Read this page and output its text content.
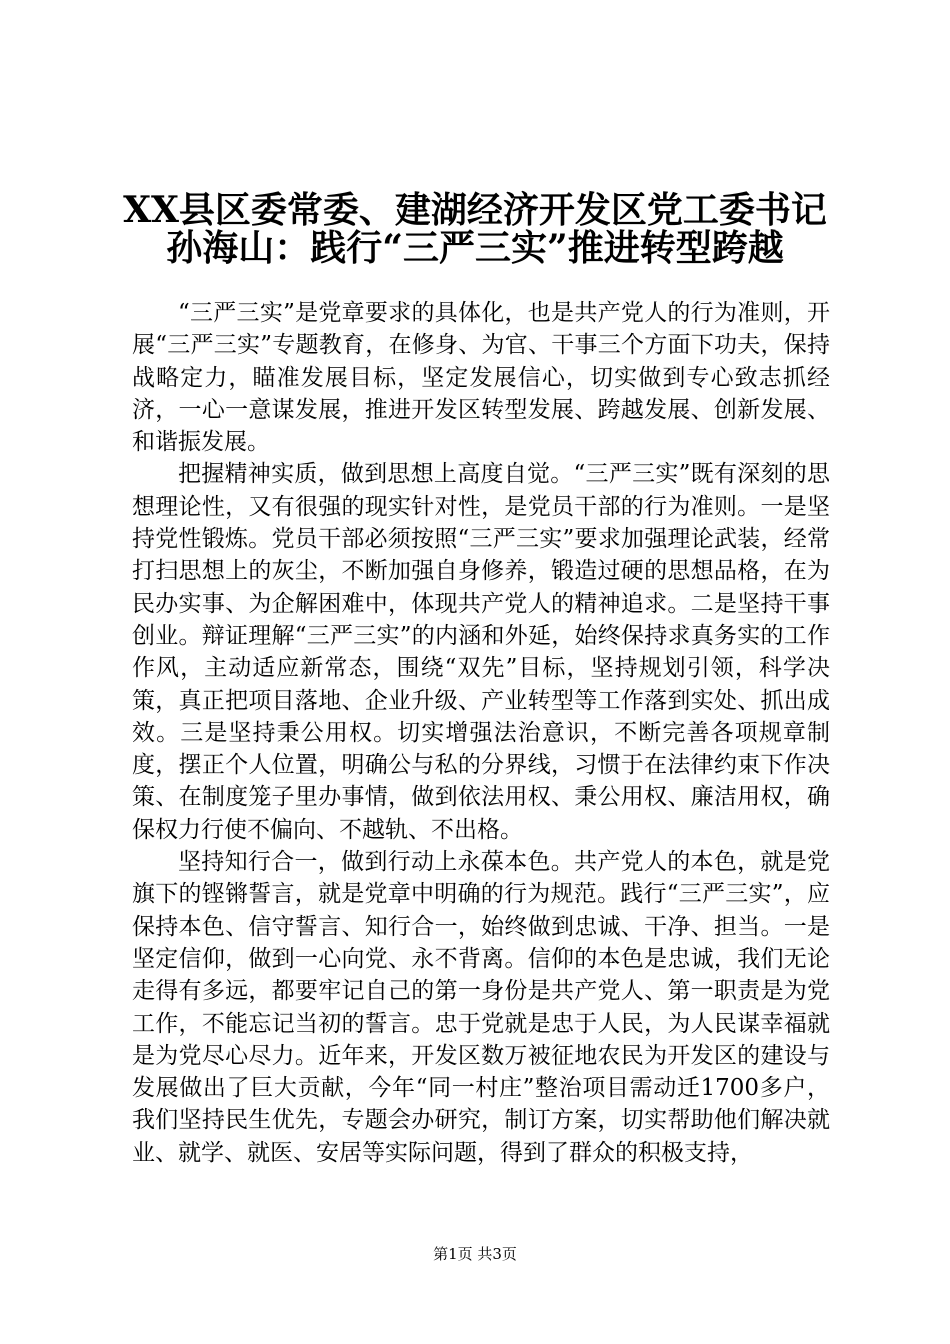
XX县区委常委、建湖经济开发区党工委书记
孙海山：践行“三严三实”推进转型跨越

“三严三实”是党章要求的具体化，也是共产党人的行为准则，开展“三严三实”专题教育，在修身、为官、干事三个方面下功夫，保持战略定力，瞄准发展目标，坚定发展信心，切实做到专心致志抓经济，一心一意谋发展，推进开发区转型发展、跨越发展、创新发展、和谐振发展。

把握精神实质，做到思想上高度自觉。“三严三实”既有深刻的思想理论性，又有很强的现实针对性，是党员干部的行为准则。一是坚持党性锻炼。党员干部必须按照“三严三实”要求加强理论武装，经常打扫思想上的灰尘，不断加强自身修养，锻造过硬的思想品格，在为民办实事、为企解困难中，体现共产党人的精神追求。二是坚持干事创业。辩证理解“三严三实”的内涵和外延，始终保持求真务实的工作作风，主动适应新常态，围绕“双先”目标，坚持规划引领，科学决策，真正把项目落地、企业升级、产业转型等工作落到实处、抓出成效。三是坚持秉公用权。切实增强法治意识，不断完善各项规章制度，摆正个人位置，明确公与私的分界线，习惯于在法律约束下作决策、在制度笼子里办事情，做到依法用权、秉公用权、廉洁用权，确保权力行使不偏向、不越轨、不出格。

坚持知行合一，做到行动上永葆本色。共产党人的本色，就是党旗下的铿锵誓言，就是党章中明确的行为规范。践行“三严三实”，应保持本色、信守誓言、知行合一，始终做到忠诚、干净、担当。一是坚定信仰，做到一心向党、永不背离。信仰的本色是忠诚，我们无论走得有多远，都要牢记自己的第一身份是共产党人、第一职责是为党工作，不能忘记当初的誓言。忠于党就是忠于人民，为人民谋幸福就是为党尽心尽力。近年来，开发区数万被征地农民为开发区的建设与发展做出了巨大贡献，今年“同一村庄”整治项目需动迁1700多户，我们坚持民生优先，专题会办研究，制订方案，切实帮助他们解决就业、就学、就医、安居等实际问题，得到了群众的积极支持，

第1页 共3页
